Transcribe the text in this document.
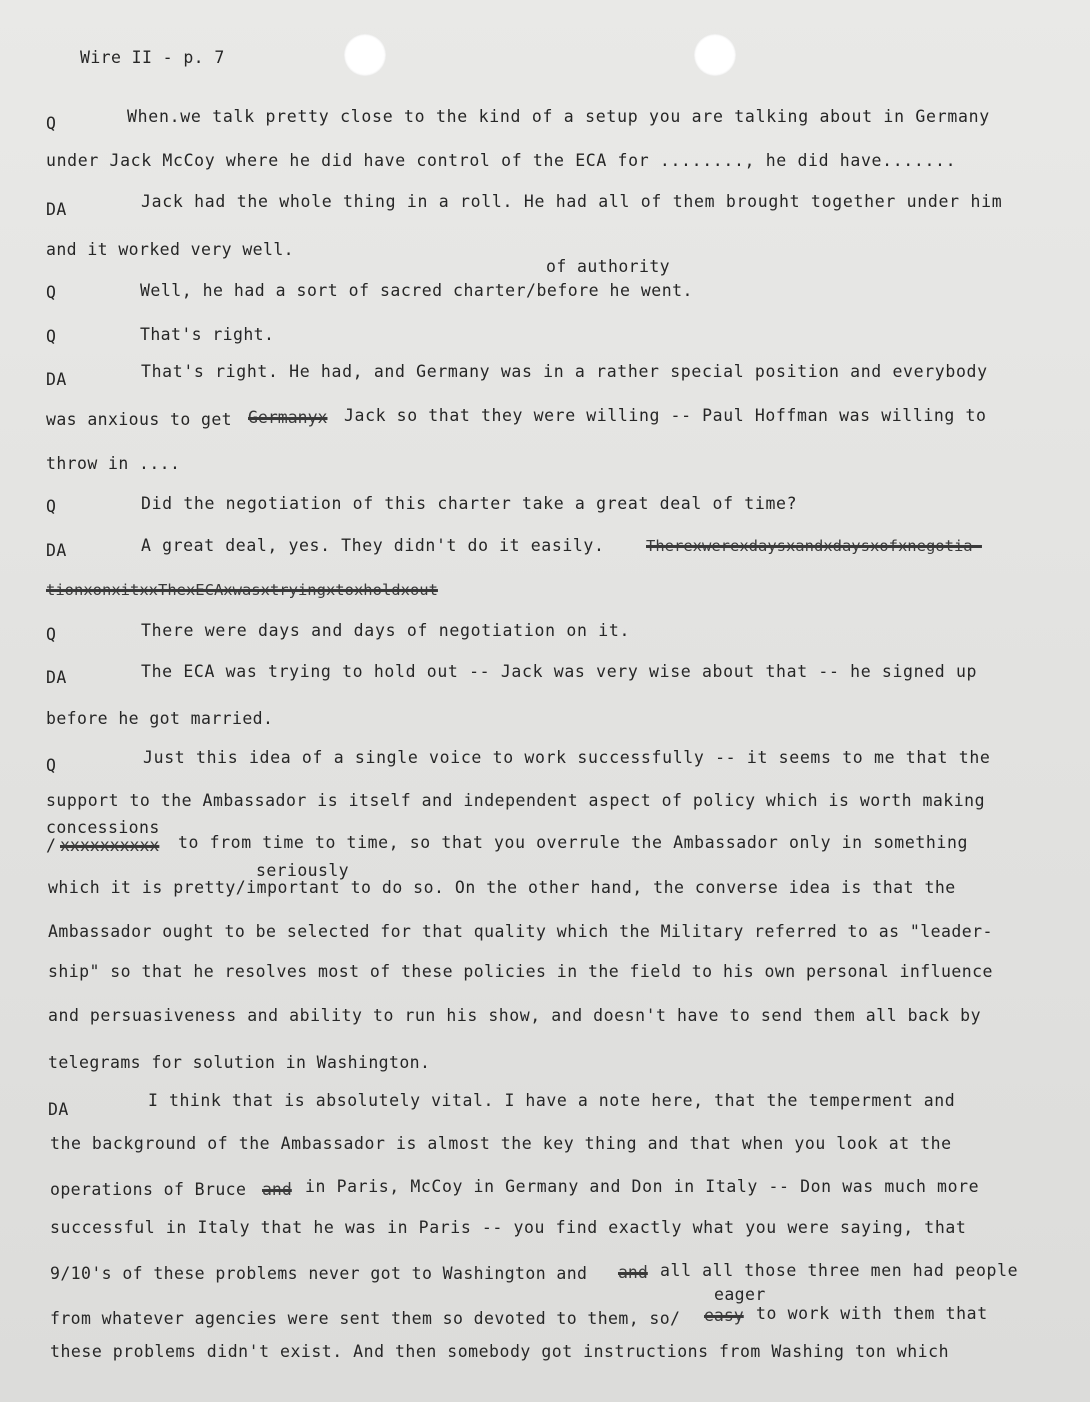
Wire II - p. 7
Q	When.we talk pretty close to the kind of a setup you are talking about in Germany
under Jack McCoy where he did have control of the ECA for ........, he did have.......
DA	Jack had the whole thing in a roll. He had all of them brought together under him
and it worked very well.
of authority
Q	Well, he had a sort of sacred charter/before he went.
Q	That's right.
DA	That's right. He had, and Germany was in a rather special position and everybody
was anxious to get Germanyx Jack so that they were willing -- Paul Hoffman was willing to
throw in ....
Q	Did the negotiation of this charter take a great deal of time?
DA	A great deal, yes. They didn't do it easily.	Therexwerexdaysxandxdaysxofxnegotia-
tionxonxitxxThexECAxwasxtryingxtoxholdxout
Q	There were days and days of negotiation on it.
DA	The ECA was trying to hold out -- Jack was very wise about that -- he signed up
before he got married.
Q	Just this idea of a single voice to work successfully -- it seems to me that the
support to the Ambassador is itself and independent aspect of policy which is worth making
concessions
/ xxxxxxxxxx to from time to time, so that you overrule the Ambassador only in something
seriously
which it is pretty/important to do so. On the other hand, the converse idea is that the
Ambassador ought to be selected for that quality which the Military referred to as "leader-
ship" so that he resolves most of these policies in the field to his own personal influence
and persuasiveness and ability to run his show, and doesn't have to send them all back by
telegrams for solution in Washington.
DA	I think that is absolutely vital. I have a note here, that the temperment and
the background of the Ambassador is almost the key thing and that when you look at the
operations of Bruce and in Paris, McCoy in Germany and Don in Italy -- Don was much more
successful in Italy that he was in Paris -- you find exactly what you were saying, that
9/10's of these problems never got to Washington and and all all those three men had people
eager
from whatever agencies were sent them so devoted to them, so/ easy to work with them that
these problems didn't exist. And then somebody got instructions from Washing ton which
